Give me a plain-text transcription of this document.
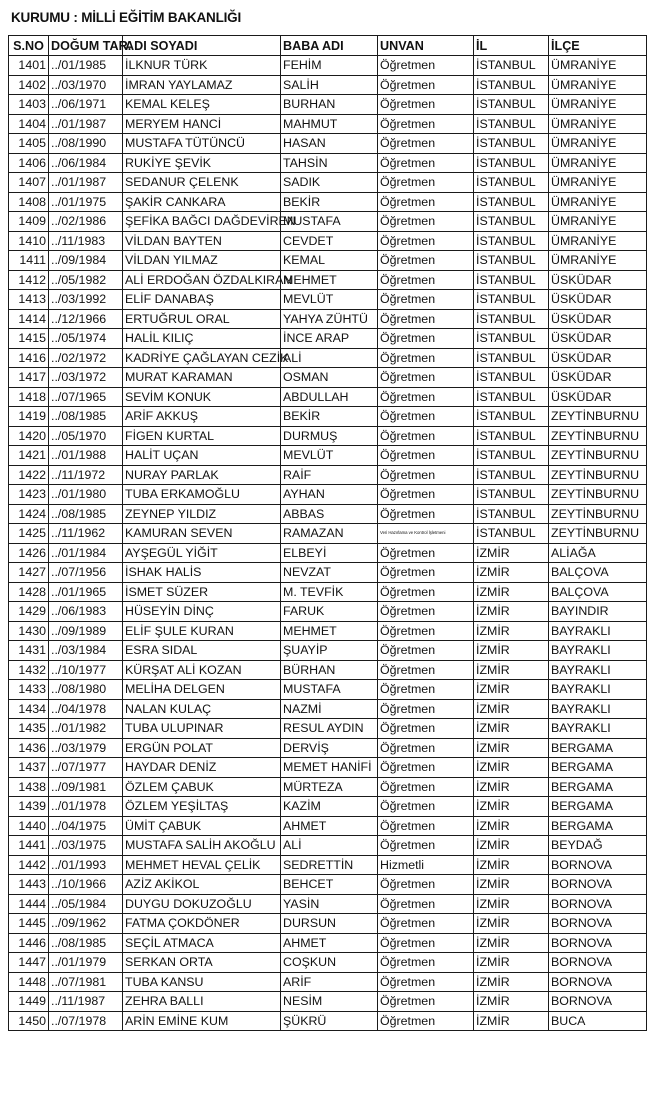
KURUMU : MİLLİ EĞİTİM BAKANLIĞI
S.NO	DOĞUM TAR.	ADI SOYADI	BABA ADI	UNVAN	İL	İLÇE
1401	../01/1985	İLKNUR TÜRK	FEHİM	Öğretmen	İSTANBUL	ÜMRANİYE
1402	../03/1970	İMRAN YAYLAMAZ	SALİH	Öğretmen	İSTANBUL	ÜMRANİYE
1403	../06/1971	KEMAL KELEŞ	BURHAN	Öğretmen	İSTANBUL	ÜMRANİYE
1404	../01/1987	MERYEM HANCİ	MAHMUT	Öğretmen	İSTANBUL	ÜMRANİYE
1405	../08/1990	MUSTAFA TÜTÜNCÜ	HASAN	Öğretmen	İSTANBUL	ÜMRANİYE
1406	../06/1984	RUKİYE ŞEVİK	TAHSİN	Öğretmen	İSTANBUL	ÜMRANİYE
1407	../01/1987	SEDANUR ÇELENK	SADIK	Öğretmen	İSTANBUL	ÜMRANİYE
1408	../01/1975	ŞAKİR CANKARA	BEKİR	Öğretmen	İSTANBUL	ÜMRANİYE
1409	../02/1986	ŞEFİKA BAĞCI DAĞDEVİREN	MUSTAFA	Öğretmen	İSTANBUL	ÜMRANİYE
1410	../11/1983	VİLDAN BAYTEN	CEVDET	Öğretmen	İSTANBUL	ÜMRANİYE
1411	../09/1984	VİLDAN YILMAZ	KEMAL	Öğretmen	İSTANBUL	ÜMRANİYE
1412	../05/1982	ALİ ERDOĞAN ÖZDALKIRAN	MEHMET	Öğretmen	İSTANBUL	ÜSKÜDAR
1413	../03/1992	ELİF DANABAŞ	MEVLÜT	Öğretmen	İSTANBUL	ÜSKÜDAR
1414	../12/1966	ERTUĞRUL ORAL	YAHYA ZÜHTÜ	Öğretmen	İSTANBUL	ÜSKÜDAR
1415	../05/1974	HALİL KILIÇ	İNCE ARAP	Öğretmen	İSTANBUL	ÜSKÜDAR
1416	../02/1972	KADRİYE ÇAĞLAYAN CEZİK	ALİ	Öğretmen	İSTANBUL	ÜSKÜDAR
1417	../03/1972	MURAT KARAMAN	OSMAN	Öğretmen	İSTANBUL	ÜSKÜDAR
1418	../07/1965	SEVİM KONUK	ABDULLAH	Öğretmen	İSTANBUL	ÜSKÜDAR
1419	../08/1985	ARİF AKKUŞ	BEKİR	Öğretmen	İSTANBUL	ZEYTİNBURNU
1420	../05/1970	FİGEN KURTAL	DURMUŞ	Öğretmen	İSTANBUL	ZEYTİNBURNU
1421	../01/1988	HALİT UÇAN	MEVLÜT	Öğretmen	İSTANBUL	ZEYTİNBURNU
1422	../11/1972	NURAY PARLAK	RAİF	Öğretmen	İSTANBUL	ZEYTİNBURNU
1423	../01/1980	TUBA ERKAMOĞLU	AYHAN	Öğretmen	İSTANBUL	ZEYTİNBURNU
1424	../08/1985	ZEYNEP YILDIZ	ABBAS	Öğretmen	İSTANBUL	ZEYTİNBURNU
1425	../11/1962	KAMURAN SEVEN	RAMAZAN	Veri Hazırlama ve Kontrol İşletmeni	İSTANBUL	ZEYTİNBURNU
1426	../01/1984	AYŞEGÜL YİĞİT	ELBEYİ	Öğretmen	İZMİR	ALİAĞA
1427	../07/1956	İSHAK HALİS	NEVZAT	Öğretmen	İZMİR	BALÇOVA
1428	../01/1965	İSMET SÜZER	M. TEVFİK	Öğretmen	İZMİR	BALÇOVA
1429	../06/1983	HÜSEYİN DİNÇ	FARUK	Öğretmen	İZMİR	BAYINDIR
1430	../09/1989	ELİF ŞULE KURAN	MEHMET	Öğretmen	İZMİR	BAYRAKLI
1431	../03/1984	ESRA SIDAL	ŞUAYİP	Öğretmen	İZMİR	BAYRAKLI
1432	../10/1977	KÜRŞAT ALİ KOZAN	BÜRHAN	Öğretmen	İZMİR	BAYRAKLI
1433	../08/1980	MELİHA DELGEN	MUSTAFA	Öğretmen	İZMİR	BAYRAKLI
1434	../04/1978	NALAN KULAÇ	NAZMİ	Öğretmen	İZMİR	BAYRAKLI
1435	../01/1982	TUBA ULUPINAR	RESUL AYDIN	Öğretmen	İZMİR	BAYRAKLI
1436	../03/1979	ERGÜN POLAT	DERVİŞ	Öğretmen	İZMİR	BERGAMA
1437	../07/1977	HAYDAR DENİZ	MEMET HANİFİ	Öğretmen	İZMİR	BERGAMA
1438	../09/1981	ÖZLEM ÇABUK	MÜRTEZA	Öğretmen	İZMİR	BERGAMA
1439	../01/1978	ÖZLEM YEŞİLTAŞ	KAZİM	Öğretmen	İZMİR	BERGAMA
1440	../04/1975	ÜMİT ÇABUK	AHMET	Öğretmen	İZMİR	BERGAMA
1441	../03/1975	MUSTAFA SALİH AKOĞLU	ALİ	Öğretmen	İZMİR	BEYDAĞ
1442	../01/1993	MEHMET HEVAL ÇELİK	SEDRETTİN	Hizmetli	İZMİR	BORNOVA
1443	../10/1966	AZİZ AKİKOL	BEHCET	Öğretmen	İZMİR	BORNOVA
1444	../05/1984	DUYGU DOKUZOĞLU	YASİN	Öğretmen	İZMİR	BORNOVA
1445	../09/1962	FATMA ÇOKDÖNER	DURSUN	Öğretmen	İZMİR	BORNOVA
1446	../08/1985	SEÇİL ATMACA	AHMET	Öğretmen	İZMİR	BORNOVA
1447	../01/1979	SERKAN ORTA	COŞKUN	Öğretmen	İZMİR	BORNOVA
1448	../07/1981	TUBA KANSU	ARİF	Öğretmen	İZMİR	BORNOVA
1449	../11/1987	ZEHRA BALLI	NESİM	Öğretmen	İZMİR	BORNOVA
1450	../07/1978	ARİN EMİNE KUM	ŞÜKRÜ	Öğretmen	İZMİR	BUCA
